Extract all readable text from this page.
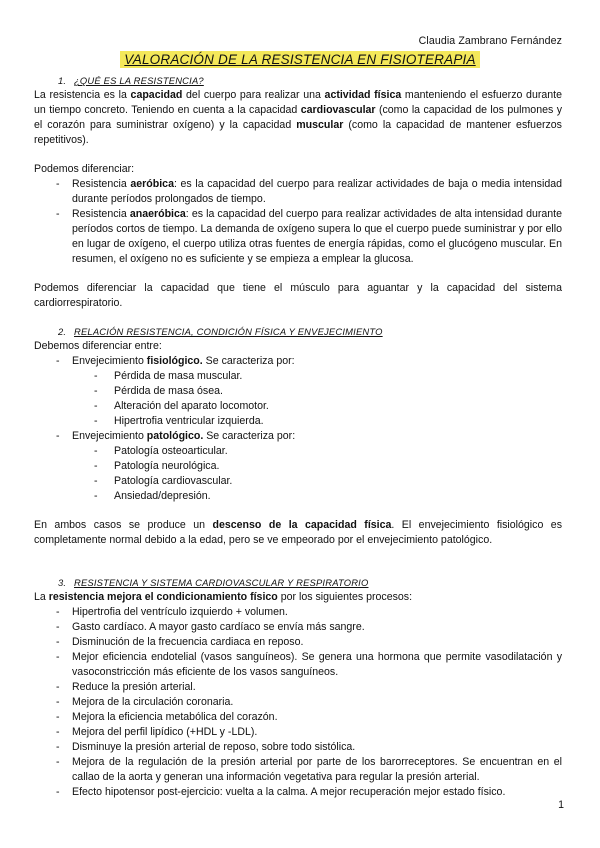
Claudia Zambrano Fernández
VALORACIÓN DE LA RESISTENCIA EN FISIOTERAPIA
1. ¿QUÉ ES LA RESISTENCIA?

La resistencia es la capacidad del cuerpo para realizar una actividad física manteniendo el esfuerzo durante un tiempo concreto. Teniendo en cuenta a la capacidad cardiovascular (como la capacidad de los pulmones y el corazón para suministrar oxígeno) y la capacidad muscular (como la capacidad de mantener esfuerzos repetitivos).

Podemos diferenciar:

- Resistencia aeróbica: es la capacidad del cuerpo para realizar actividades de baja o media intensidad durante períodos prolongados de tiempo.
- Resistencia anaeróbica: es la capacidad del cuerpo para realizar actividades de alta intensidad durante períodos cortos de tiempo. La demanda de oxígeno supera lo que el cuerpo puede suministrar y por ello en lugar de oxígeno, el cuerpo utiliza otras fuentes de energía rápidas, como el glucógeno muscular. En resumen, el oxígeno no es suficiente y se empieza a emplear la glucosa.

Podemos diferenciar la capacidad que tiene el músculo para aguantar y la capacidad del sistema cardiorrespiratorio.

2. RELACIÓN RESISTENCIA, CONDICIÓN FÍSICA Y ENVEJECIMIENTO

Debemos diferenciar entre:

- Envejecimiento fisiológico. Se caracteriza por:
- Pérdida de masa muscular.
- Pérdida de masa ósea.
- Alteración del aparato locomotor.
- Hipertrofia ventricular izquierda.
- Envejecimiento patológico. Se caracteriza por:
- Patología osteoarticular.
- Patología neurológica.
- Patología cardiovascular.
- Ansiedad/depresión.

En ambos casos se produce un descenso de la capacidad física. El envejecimiento fisiológico es completamente normal debido a la edad, pero se ve empeorado por el envejecimiento patológico.

3. RESISTENCIA Y SISTEMA CARDIOVASCULAR Y RESPIRATORIO

La resistencia mejora el condicionamiento físico por los siguientes procesos:

- Hipertrofia del ventrículo izquierdo + volumen.
- Gasto cardíaco. A mayor gasto cardíaco se envía más sangre.
- Disminución de la frecuencia cardiaca en reposo.
- Mejor eficiencia endotelial (vasos sanguíneos). Se genera una hormona que permite vasodilatación y vasoconstricción más eficiente de los vasos sanguíneos.
- Reduce la presión arterial.
- Mejora de la circulación coronaria.
- Mejora la eficiencia metabólica del corazón.
- Mejora del perfil lipídico (+HDL y -LDL).
- Disminuye la presión arterial de reposo, sobre todo sistólica.
- Mejora de la regulación de la presión arterial por parte de los barorreceptores. Se encuentran en el callao de la aorta y generan una información vegetativa para regular la presión arterial.
- Efecto hipotensor post-ejercicio: vuelta a la calma. A mejor recuperación mejor estado físico.
1
